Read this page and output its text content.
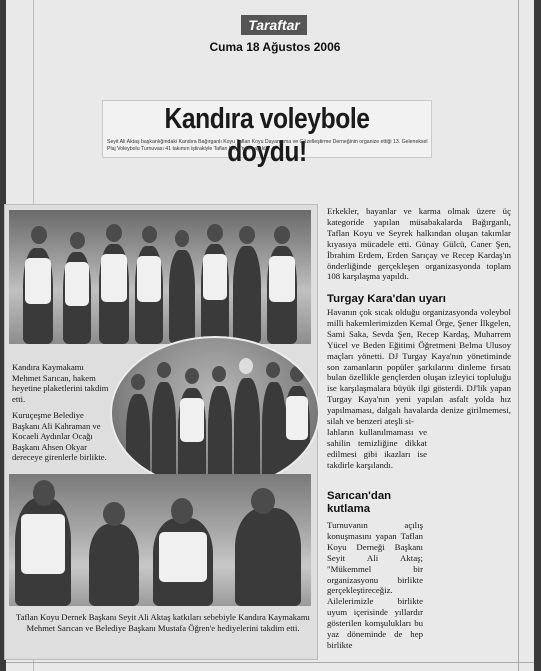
Taraftar
Cuma 18 Ağustos 2006
Kandıra voleybole doydu!
Seyit Ali Aktaş başkanlığındaki Kandıra Bağırganlı Koyu Taflan Koyu Dayanışma ve Güzelleştirme Derneğinin organize ettiği 13. Geleneksel Plaj Voleybolu Turnuvası 41 takımın iştirakiyle Taflan Koyu'nda yapıldı.
Kandıra Kaymakamı Mehmet Sarıcan, hakem heyetine plaketlerini takdim etti.
Kuruçeşme Belediye Başkanı Ali Kahraman ve Kocaeli Aydınlar Ocağı Başkanı Ahsen Okyar dereceye girenlerle birlikte.
Taflan Koyu Dernek Başkanı Seyit Ali Aktaş katkıları sebebiyle Kandıra Kaymakamı Mehmet Sarıcan ve Belediye Başkanı Mustafa Öğren'e hediyelerini takdim etti.
Erkekler, bayanlar ve karma olmak üzere üç kategoride yapılan müsabakalarda Bağırganlı, Taflan Koyu ve Seyrek halkından oluşan takımlar kıyasıya mücadele etti. Günay Gülcü, Caner Şen, İbrahim Erdem, Erden Sarıçay ve Recep Kardaş'ın önderliğinde gerçekleşen organizasyonda toplam 108 karşılaşma yapıldı.
Turgay Kara'dan uyarı
Havanın çok sıcak olduğu organizasyonda voleybol milli hakemlerimizden Kemal Örge, Şener İlkgelen, Sami Saka, Sevda Şen, Recep Kardaş, Muharrem Yücel ve Beden Eğitimi Öğretmeni Belma Ulusoy maçları yönetti. DJ Turgay Kaya'nın yönetiminde son zamanların popüler şarkılarını dinleme fırsatı bulan özellikle gençlerden oluşan izleyici topluluğu ise karşılaşmalara büyük ilgi gösterdi. DJ'lik yapan Turgay Kaya'nın yeni yapılan asfalt yolda hız yapılmaması, dalgalı havalarda denize girilmemesi, silah ve benzeri ateşli si-
lahların kullanılmaması ve sahilin temizliğine dikkat edilmesi gibi ikazları ise takdirle karşılandı.
Sarıcan'dan kutlama
Turnuvanın açılış konuşmasını yapan Taflan Koyu Derneği Başkanı Seyit Ali Aktaş; "Mükemmel bir organizasyonu birlikte gerçekleştireceğiz. Ailelerimizle birlikte uyum içerisinde yıllardır gösterilen komşulukları bu yaz döneminde de hep birlikte
